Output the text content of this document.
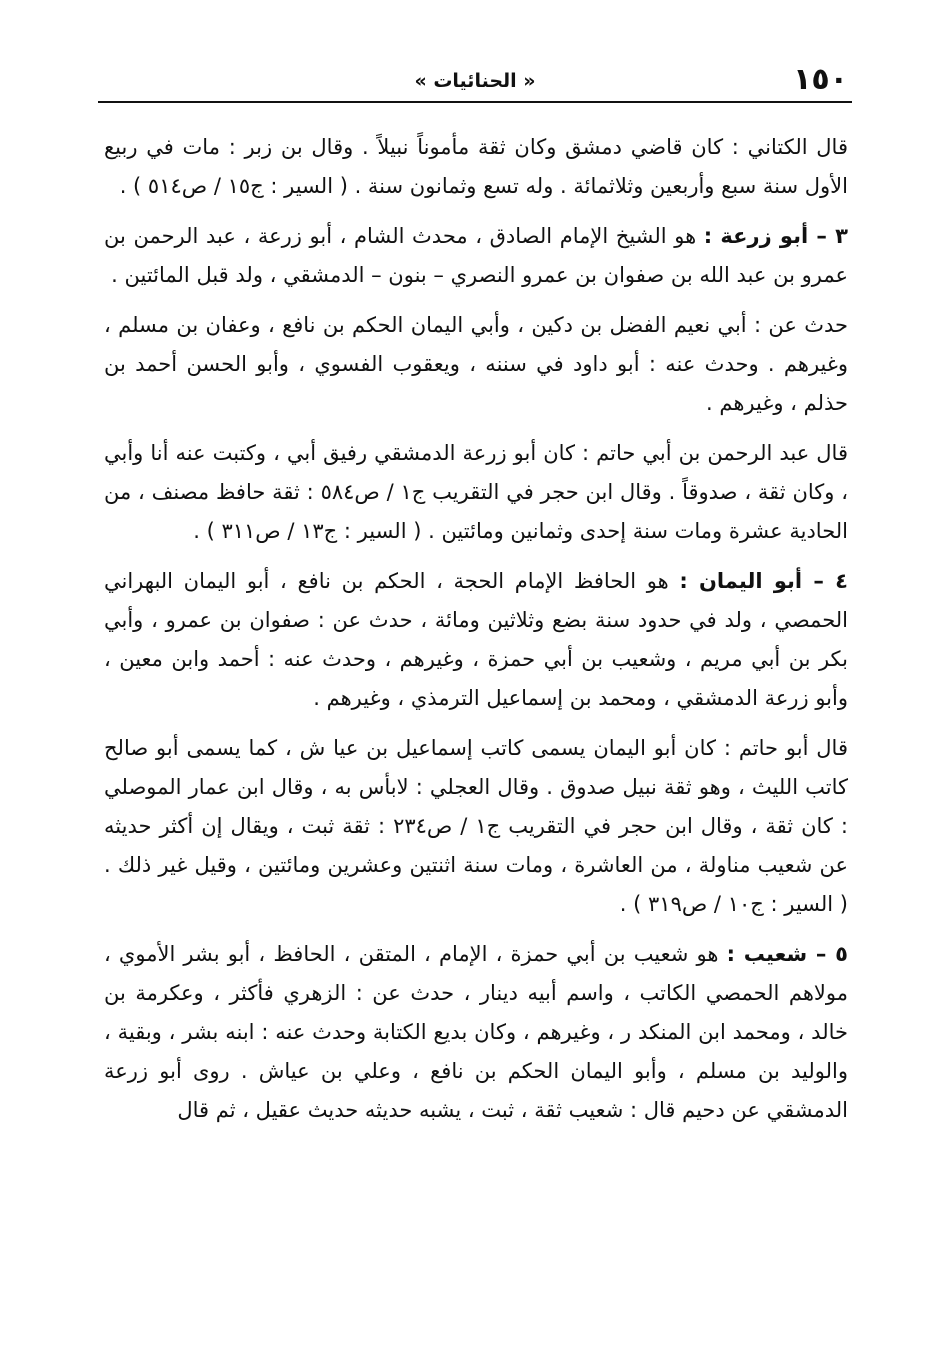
١٥٠
« الحنائيات »

قال الكتاني : كان قاضي دمشق وكان ثقة مأموناً نبيلاً . وقال بن زبر : مات في ربيع الأول سنة سبع وأربعين وثلاثمائة . وله تسع وثمانون سنة . ( السير : ج١٥ / ص٥١٤ ) .

٣ – أبو زرعة : هو الشيخ الإمام الصادق ، محدث الشام ، أبو زرعة ، عبد الرحمن بن عمرو بن عبد الله بن صفوان بن عمرو النصري – بنون – الدمشقي ، ولد قبل المائتين .

حدث عن : أبي نعيم الفضل بن دكين ، وأبي اليمان الحكم بن نافع ، وعفان بن مسلم ، وغيرهم . وحدث عنه : أبو داود في سننه ، ويعقوب الفسوي ، وأبو الحسن أحمد بن حذلم ، وغيرهم .

قال عبد الرحمن بن أبي حاتم : كان أبو زرعة الدمشقي رفيق أبي ، وكتبت عنه أنا وأبي ، وكان ثقة ، صدوقاً . وقال ابن حجر في التقريب ج١ / ص٥٨٤ : ثقة حافظ مصنف ، من الحادية عشرة ومات سنة إحدى وثمانين ومائتين . ( السير : ج١٣ / ص٣١١ ) .

٤ – أبو اليمان : هو الحافظ الإمام الحجة ، الحكم بن نافع ، أبو اليمان البهراني الحمصي ، ولد في حدود سنة بضع وثلاثين ومائة ، حدث عن : صفوان بن عمرو ، وأبي بكر بن أبي مريم ، وشعيب بن أبي حمزة ، وغيرهم ، وحدث عنه : أحمد وابن معين ، وأبو زرعة الدمشقي ، ومحمد بن إسماعيل الترمذي ، وغيرهم .

قال أبو حاتم : كان أبو اليمان يسمى كاتب إسماعيل بن عيا ش ، كما يسمى أبو صالح كاتب الليث ، وهو ثقة نبيل صدوق . وقال العجلي : لابأس به ، وقال ابن عمار الموصلي : كان ثقة ، وقال ابن حجر في التقريب ج١ / ص٢٣٤ : ثقة ثبت ، ويقال إن أكثر حديثه عن شعيب مناولة ، من العاشرة ، ومات سنة اثنتين وعشرين ومائتين ، وقيل غير ذلك . ( السير : ج١٠ / ص٣١٩ ) .

٥ – شعيب : هو شعيب بن أبي حمزة ، الإمام ، المتقن ، الحافظ ، أبو بشر الأموي ، مولاهم الحمصي الكاتب ، واسم أبيه دينار ، حدث عن : الزهري فأكثر ، وعكرمة بن خالد ، ومحمد ابن المنكد ر ، وغيرهم ، وكان بديع الكتابة وحدث عنه : ابنه بشر ، وبقية ، والوليد بن مسلم ، وأبو اليمان الحكم بن نافع ، وعلي بن عياش . روى أبو زرعة الدمشقي عن دحيم قال : شعيب ثقة ، ثبت ، يشبه حديثه حديث عقيل ، ثم قال
